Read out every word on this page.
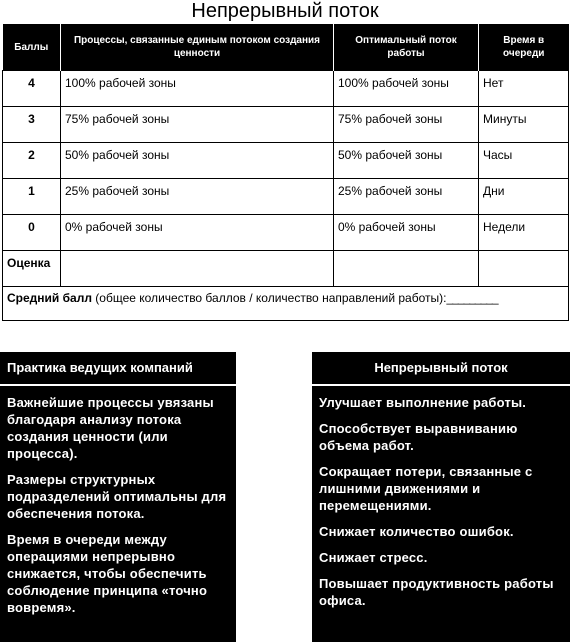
Непрерывный поток
Баллы	Процессы, связанные единым потоком создания ценности	Оптимальный поток работы	Время в очереди
4	100% рабочей зоны	100% рабочей зоны	Нет
3	75% рабочей зоны	75% рабочей зоны	Минуты
2	50% рабочей зоны	50% рабочей зоны	Часы
1	25% рабочей зоны	25% рабочей зоны	Дни
0	0% рабочей зоны	0% рабочей зоны	Недели
Оценка			
Средний балл (общее количество баллов / количество направлений работы):_________			
Практика ведущих компаний
Важнейшие процессы увязаны благодаря анализу потока создания ценности (или процесса).
Размеры структурных подразделений оптимальны для обеспечения потока.
Время в очереди между операциями непрерывно снижается, чтобы обеспечить соблюдение принципа «точно вовремя».
Непрерывный поток
Улучшает выполнение работы.
Способствует выравниванию объема работ.
Сокращает потери, связанные с лишними движениями и перемещениями.
Снижает количество ошибок.
Снижает стресс.
Повышает продуктивность работы офиса.
